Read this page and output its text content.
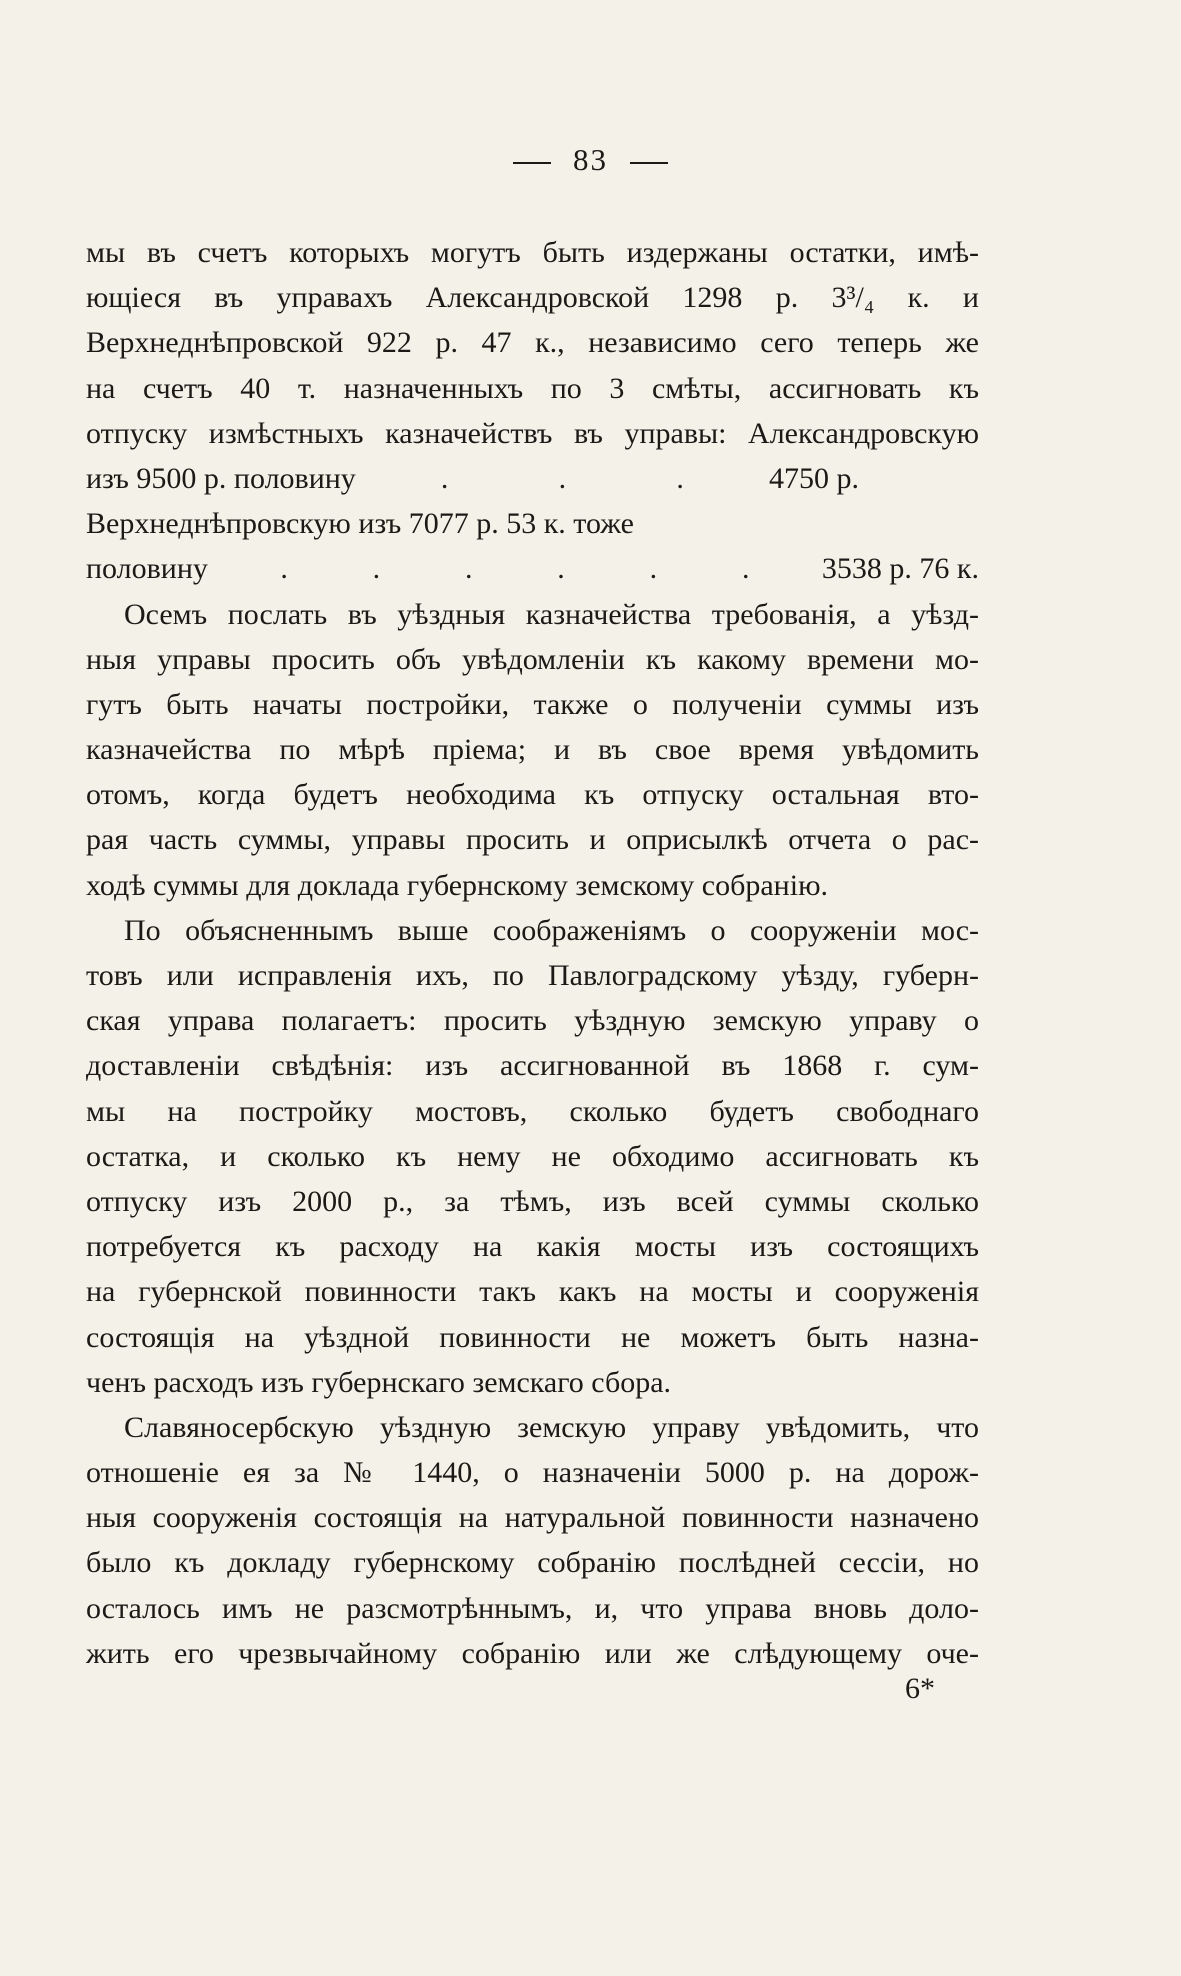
83
мы въ счетъ которыхъ могутъ быть издержаны остатки, имѣ-
ющіеся въ управахъ Александровской 1298 р. 3³/₄ к. и
Верхнеднѣпровской 922 р. 47 к., независимо сего теперь же
на счетъ 40 т. назначенныхъ по 3 смѣты, ассигновать къ
отпуску измѣстныхъ казначействъ въ управы: Александровскую
изъ 9500 р. половину	.	.	.	4750 р.
Верхнеднѣпровскую изъ 7077 р. 53 к. тоже
половину .	.	.	.	.	. 3538 р. 76 к.
Осемъ послать въ уѣздныя казначейства требованія, а уѣзд-
ныя управы просить объ увѣдомленіи къ какому времени мо-
гутъ быть начаты постройки, также о полученіи суммы изъ
казначейства по мѣрѣ пріема; и въ свое время увѣдомить
отомъ, когда будетъ необходима къ отпуску остальная вто-
рая часть суммы, управы просить и оприсылкѣ отчета о рас-
ходѣ суммы для доклада губернскому земскому собранію.
По объясненнымъ выше соображеніямъ о сооруженіи мос-
товъ или исправленія ихъ, по Павлоградскому уѣзду, губерн-
ская управа полагаетъ: просить уѣздную земскую управу о
доставленіи свѣдѣнія: изъ ассигнованной въ 1868 г. сум-
мы на постройку мостовъ, сколько будетъ свободнаго
остатка, и сколько къ нему не обходимо ассигновать къ
отпуску изъ 2000 р., за тѣмъ, изъ всей суммы сколько
потребуется къ расходу на какія мосты изъ состоящихъ
на губернской повинности такъ какъ на мосты и сооруженія
состоящія на уѣздной повинности не можетъ быть назна-
ченъ расходъ изъ губернскаго земскаго сбора.
Славяносербскую уѣздную земскую управу увѣдомить, что
отношеніе ея за № 1440, о назначеніи 5000 р. на дорож-
ныя сооруженія состоящія на натуральной повинности назначено
было къ докладу губернскому собранію послѣдней сессіи, но
осталось имъ не разсмотрѣннымъ, и, что управа вновь доло-
жить его чрезвычайному собранію или же слѣдующему оче-
6*
